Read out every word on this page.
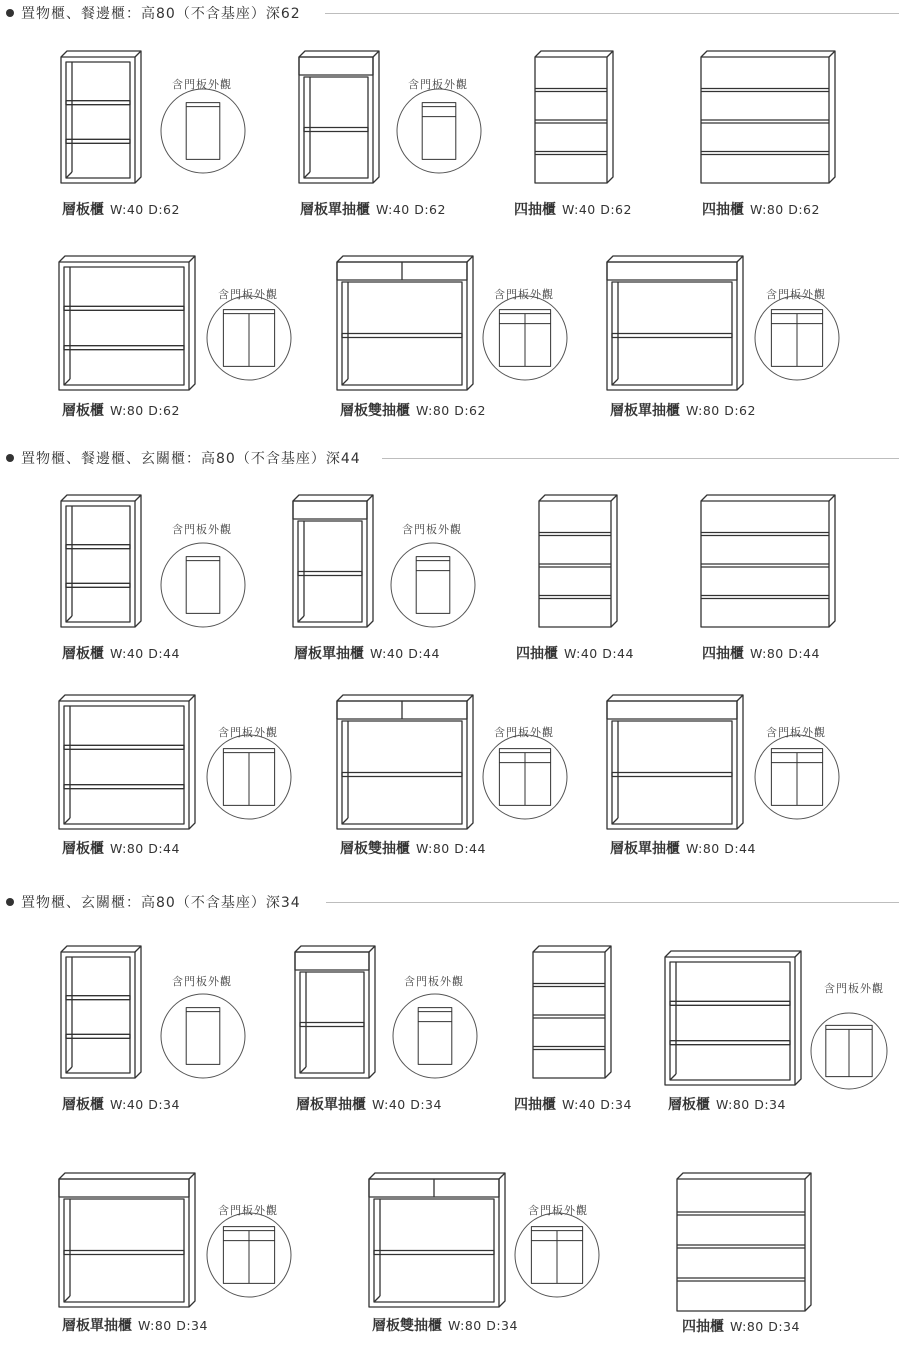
置物櫃、餐邊櫃：高80（不含基座）深62
含門板外觀
層板櫃 W:40 D:62
含門板外觀
層板單抽櫃 W:40 D:62	四抽櫃 W:40 D:62	四抽櫃 W:80 D:62
含門板外觀
層板櫃 W:80 D:62
含門板外觀
層板雙抽櫃 W:80 D:62
含門板外觀
層板單抽櫃 W:80 D:62
置物櫃、餐邊櫃、玄關櫃：高80（不含基座）深44
含門板外觀
層板櫃 W:40 D:44
含門板外觀
層板單抽櫃 W:40 D:44	四抽櫃 W:40 D:44	四抽櫃 W:80 D:44
含門板外觀
層板櫃 W:80 D:44
含門板外觀
層板雙抽櫃 W:80 D:44
含門板外觀
層板單抽櫃 W:80 D:44
置物櫃、玄關櫃：高80（不含基座）深34
含門板外觀
層板櫃 W:40 D:34
含門板外觀
層板單抽櫃 W:40 D:34	四抽櫃 W:40 D:34
含門板外觀
層板櫃 W:80 D:34
含門板外觀
層板單抽櫃 W:80 D:34
含門板外觀
層板雙抽櫃 W:80 D:34	四抽櫃 W:80 D:34
